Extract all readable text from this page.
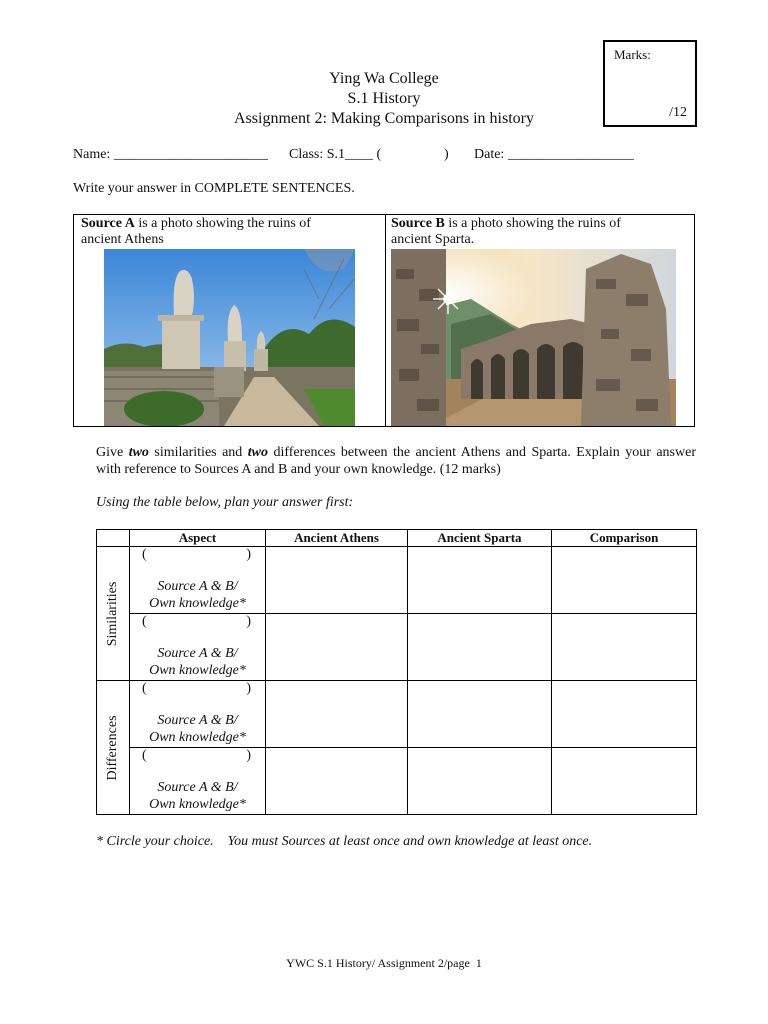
Marks:
/12
Ying Wa College
S.1 History
Assignment 2: Making Comparisons in history
Name: ______________________ Class: S.1____ (	) Date: __________________
Write your answer in COMPLETE SENTENCES.
Source A is a photo showing the ruins of
ancient Athens
Source B is a photo showing the ruins of
ancient Sparta.
Give two similarities and two differences between the ancient Athens and Sparta. Explain your answer with reference to Sources A and B and your own knowledge. (12 marks)
Using the table below, plan your answer first:
	Aspect	Ancient Athens	Ancient Sparta	Comparison

Similarities	( )
Source A & B/
Own knowledge*			

	( )
Source A & B/
Own knowledge*			

Differences	( )
Source A & B/
Own knowledge*			

	( )
Source A & B/
Own knowledge*			

* Circle your choice.    You must Sources at least once and own knowledge at least once.
YWC S.1 History/ Assignment 2/page  1
